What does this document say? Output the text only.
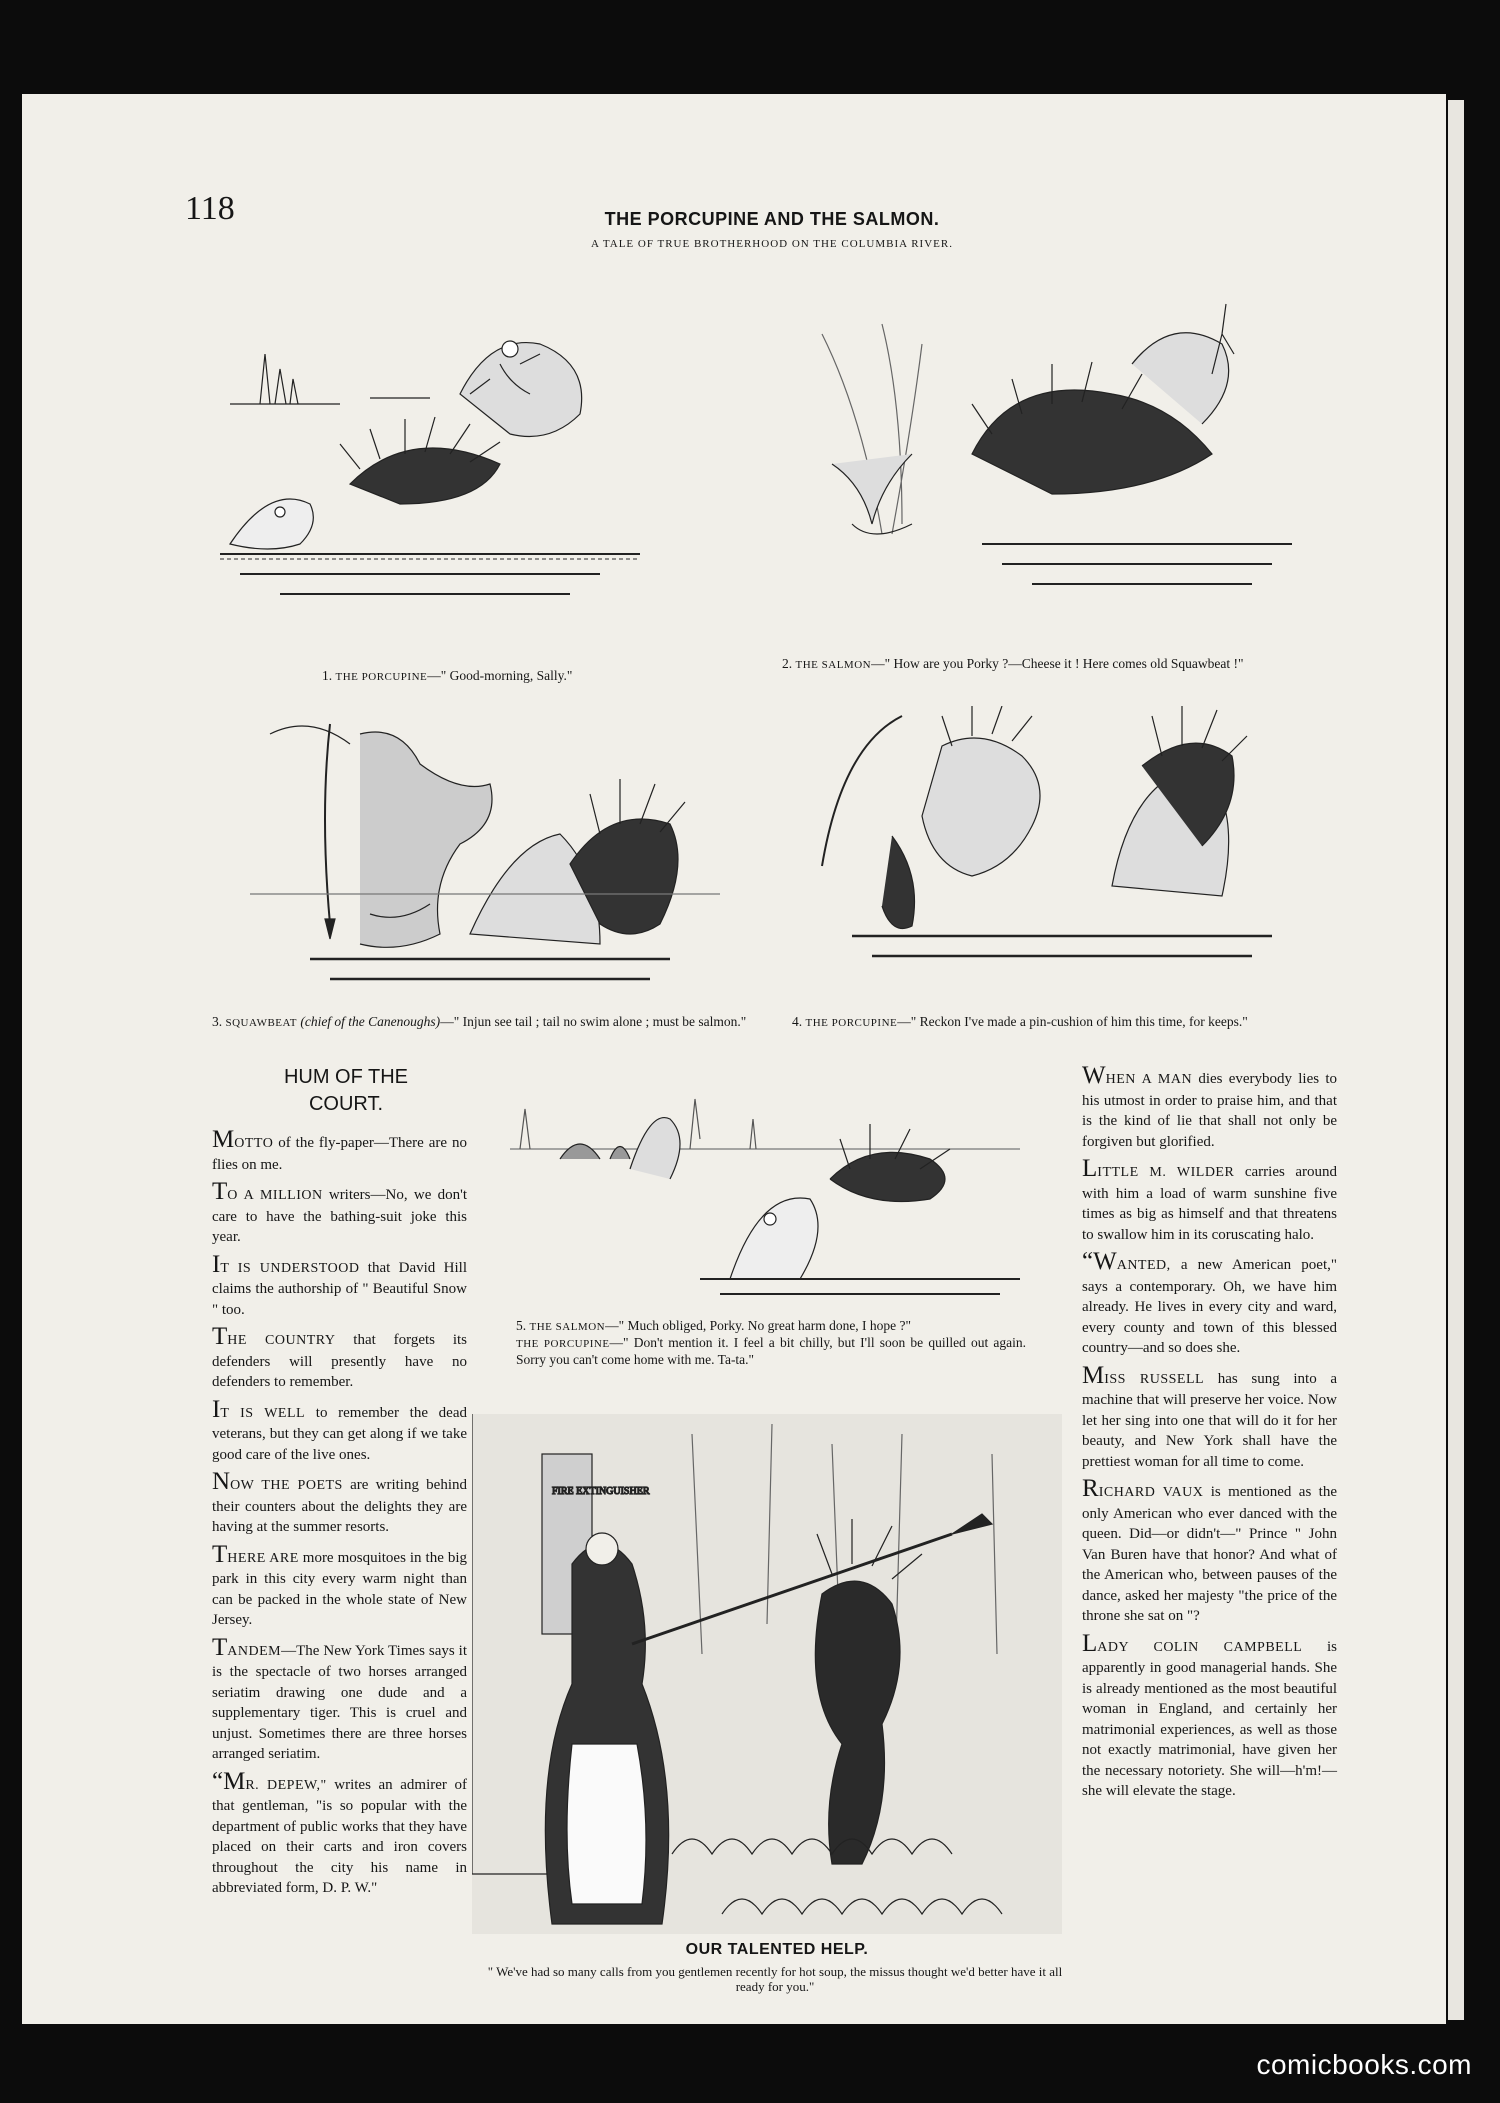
118	THE PORCUPINE AND THE SALMON.
A TALE OF TRUE BROTHERHOOD ON THE COLUMBIA RIVER.
1. THE PORCUPINE—" Good-morning, Sally."
2. THE SALMON—" How are you Porky ?—Cheese it ! Here comes old Squawbeat !"
3. SQUAWBEAT (chief of the Canenoughs)—" Injun see tail ; tail no swim alone ; must be salmon."	4. THE PORCUPINE—" Reckon I've made a pin-cushion of him this time, for keeps."
HUM OF THE
COURT.

MOTTO of the fly-paper—There are no flies on me.

TO A MILLION writers—No, we don't care to have the bathing-suit joke this year.

IT IS UNDERSTOOD that David Hill claims the authorship of " Beautiful Snow " too.

THE COUNTRY that forgets its defenders will presently have no defenders to remember.

IT IS WELL to remember the dead veterans, but they can get along if we take good care of the live ones.

NOW THE POETS are writing behind their counters about the delights they are having at the summer resorts.

THERE ARE more mosquitoes in the big park in this city every warm night than can be packed in the whole state of New Jersey.

TANDEM—The New York Times says it is the spectacle of two horses arranged seriatim drawing one dude and a supplementary tiger. This is cruel and unjust. Sometimes there are three horses arranged seriatim.

“MR. DEPEW," writes an admirer of that gentleman, "is so popular with the department of public works that they have placed on their carts and iron covers throughout the city his name in abbreviated form, D. P. W."

5. THE SALMON—" Much obliged, Porky. No great harm done, I hope ?"
THE PORCUPINE—" Don't mention it. I feel a bit chilly, but I'll soon be quilled out again. Sorry you can't come home with me. Ta-ta."
FIRE EXTINGUISHER
OUR TALENTED HELP.
" We've had so many calls from you gentlemen recently for hot soup, the missus thought we'd better have it all ready for you."

WHEN A MAN dies everybody lies to his utmost in order to praise him, and that is the kind of lie that shall not only be forgiven but glorified.

LITTLE M. WILDER carries around with him a load of warm sunshine five times as big as himself and that threatens to swallow him in its coruscating halo.

“WANTED, a new American poet," says a contemporary. Oh, we have him already. He lives in every city and ward, every county and town of this blessed country—and so does she.

MISS RUSSELL has sung into a machine that will preserve her voice. Now let her sing into one that will do it for her beauty, and New York shall have the prettiest woman for all time to come.

RICHARD VAUX is mentioned as the only American who ever danced with the queen. Did—or didn't—" Prince " John Van Buren have that honor? And what of the American who, between pauses of the dance, asked her majesty "the price of the throne she sat on "?

LADY COLIN CAMPBELL is apparently in good managerial hands. She is already mentioned as the most beautiful woman in England, and certainly her matrimonial experiences, as well as those not exactly matrimonial, have given her the necessary notoriety. She will—h'm!—she will elevate the stage.

comicbooks.com
